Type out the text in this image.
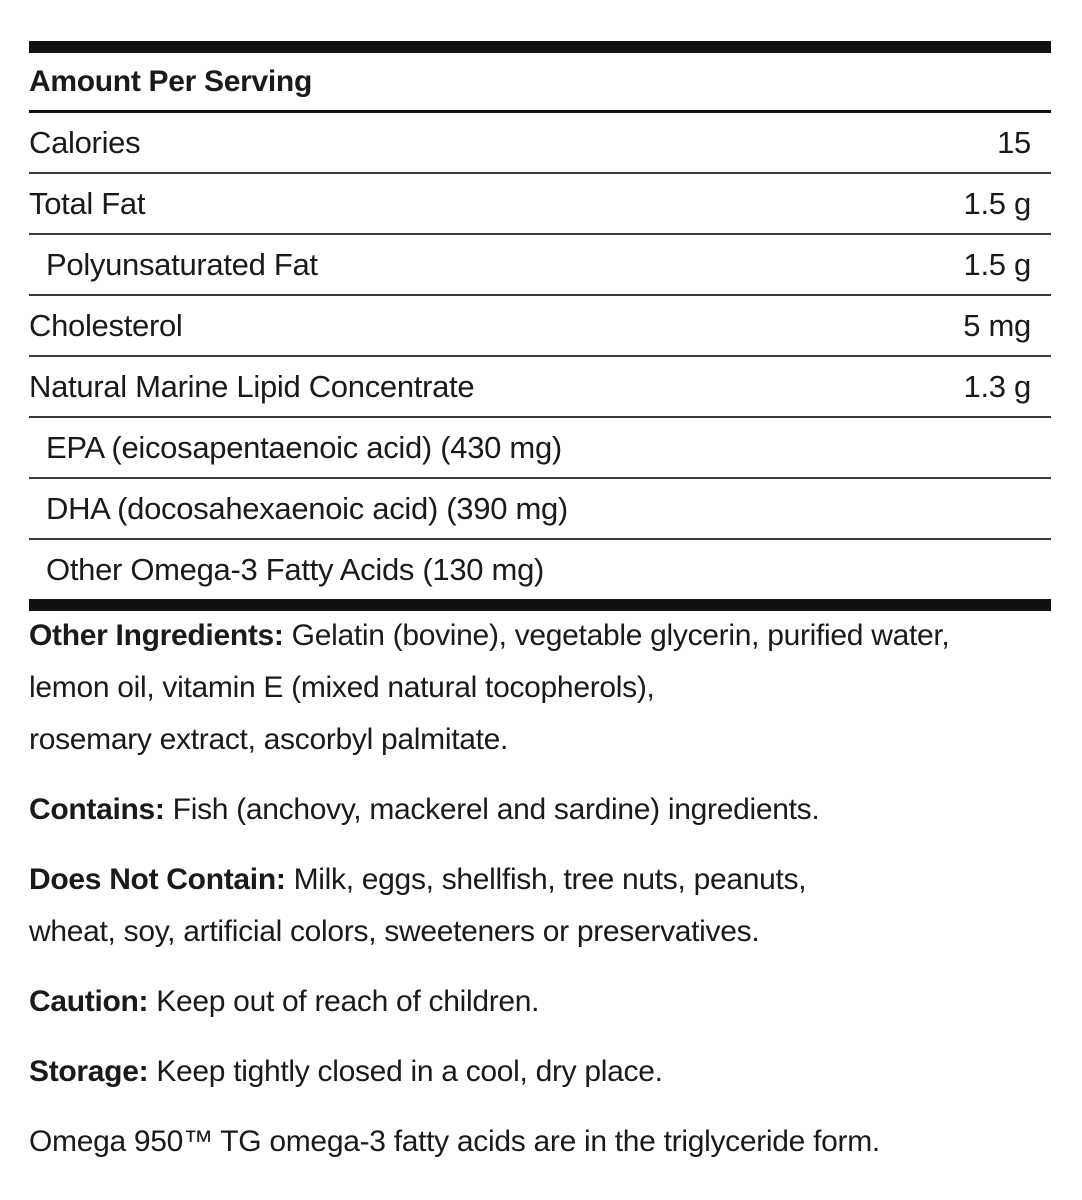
Amount Per Serving
Calories	15
Total Fat	1.5 g
Polyunsaturated Fat	1.5 g
Cholesterol	5 mg
Natural Marine Lipid Concentrate	1.3 g
EPA (eicosapentaenoic acid) (430 mg)
DHA (docosahexaenoic acid) (390 mg)
Other Omega-3 Fatty Acids (130 mg)

Other Ingredients: Gelatin (bovine), vegetable glycerin, purified water,
lemon oil, vitamin E (mixed natural tocopherols),
rosemary extract, ascorbyl palmitate.

Contains: Fish (anchovy, mackerel and sardine) ingredients.

Does Not Contain: Milk, eggs, shellfish, tree nuts, peanuts,
wheat, soy, artificial colors, sweeteners or preservatives.

Caution: Keep out of reach of children.

Storage: Keep tightly closed in a cool, dry place.

Omega 950™ TG omega-3 fatty acids are in the triglyceride form.
